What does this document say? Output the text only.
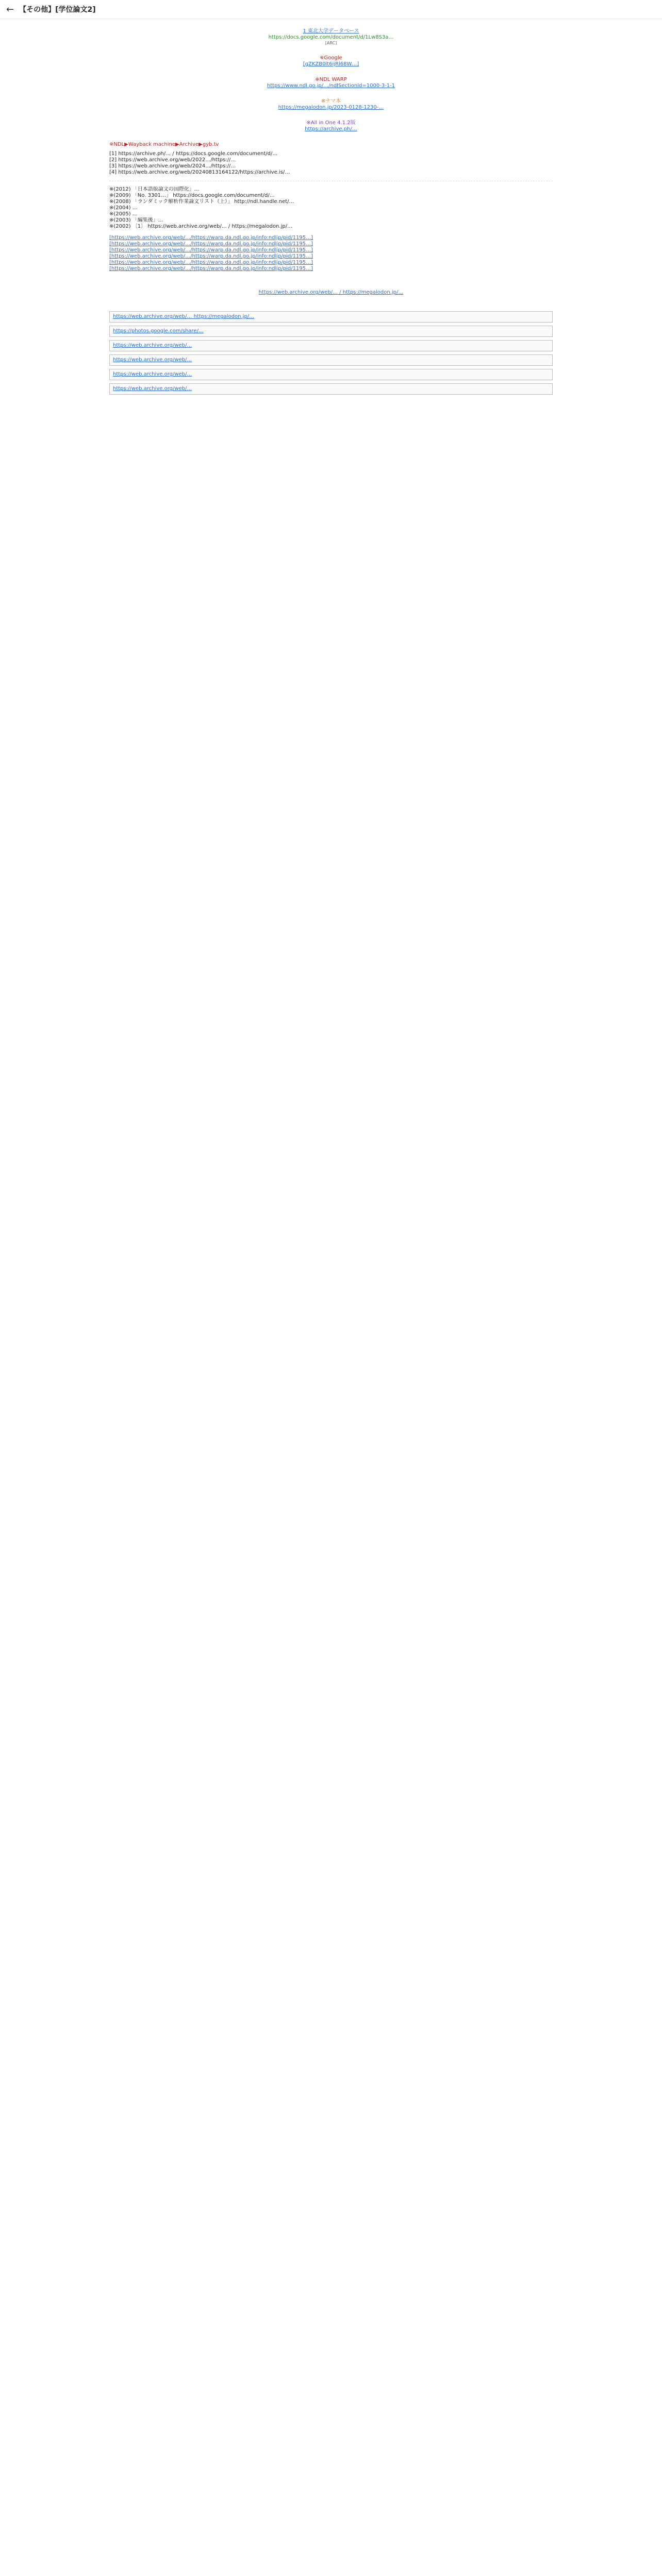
← 【その他】[学位論文2]
1 東北大学データベース
https://docs.google.com/document/d/1Lw8S3a…
[ARC]
※Google
[gZKZB0lt6ijRl68W…]
※NDL WARP
https://www.ndl.go.jp/…/ndlSectionId=1000-3-1-1
※ナマ本
https://megalodon.jp/2023-0128-1230-…
※All in One 4.1.2版
https://archive.ph/…
※NDL▶Wayback machine▶Archive▶gyb.tv
[1] https://archive.ph/… / https://docs.google.com/document/d/…
[2] https://web.archive.org/web/2022…/https://…
[3] https://web.archive.org/web/2024…/https://…
[4] https://web.archive.org/web/20240813164122/https://archive.is/…
※(2012) 「日本語版論文の国際化」…
※(2009) 「No. 3301…」 https://docs.google.com/document/d/…
※(2008) 「ランダミック解析作業論文リスト（上）」 http://ndl.handle.net/…
※(2004) …
※(2005) …
※(2003) 「編集後」…
※(2002) 〔1〕 https://web.archive.org/web/… / https://megalodon.jp/…
[https://web.archive.org/web/…/https://warp.da.ndl.go.jp/info:ndljp/pid/1195…]
[https://web.archive.org/web/…/https://warp.da.ndl.go.jp/info:ndljp/pid/1195…]
[https://web.archive.org/web/…/https://warp.da.ndl.go.jp/info:ndljp/pid/1195…]
[https://web.archive.org/web/…/https://warp.da.ndl.go.jp/info:ndljp/pid/1195…]
[https://web.archive.org/web/…/https://warp.da.ndl.go.jp/info:ndljp/pid/1195…]
[https://web.archive.org/web/…/https://warp.da.ndl.go.jp/info:ndljp/pid/1195…]
https://web.archive.org/web/… / https://megalodon.jp/…
https://web.archive.org/web/… https://megalodon.jp/…
https://photos.google.com/share/…
https://web.archive.org/web/…
https://web.archive.org/web/…
https://web.archive.org/web/…
https://web.archive.org/web/…
